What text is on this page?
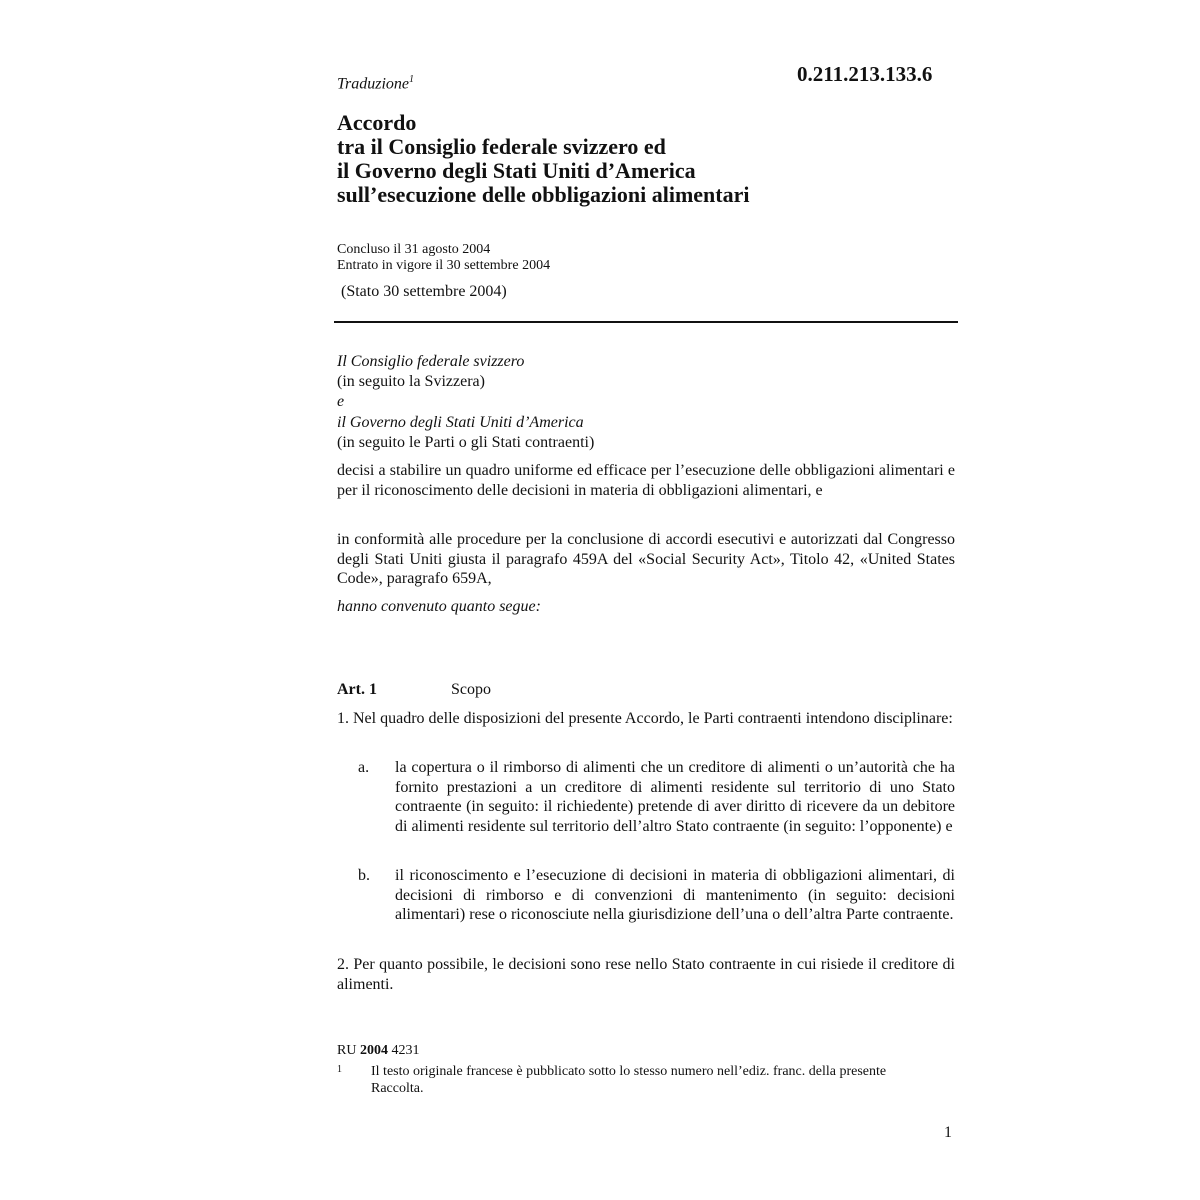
Traduzione$^1$	0.211.213.133.6
Accordo
tra il Consiglio federale svizzero ed
il Governo degli Stati Uniti d’America
sull’esecuzione delle obbligazioni alimentari
Concluso il 31 agosto 2004
Entrato in vigore il 30 settembre 2004
(Stato 30 settembre 2004)
Il Consiglio federale svizzero
(in seguito la Svizzera)
e
il Governo degli Stati Uniti d’America
(in seguito le Parti o gli Stati contraenti)
decisi a stabilire un quadro uniforme ed efficace per l’esecuzione delle obbligazioni alimentari e per il riconoscimento delle decisioni in materia di obbligazioni alimentari, e
in conformità alle procedure per la conclusione di accordi esecutivi e autorizzati dal Congresso degli Stati Uniti giusta il paragrafo 459A del «Social Security Act», Titolo 42, «United States Code», paragrafo 659A,
hanno convenuto quanto segue:
Art. 1	Scopo
1. Nel quadro delle disposizioni del presente Accordo, le Parti contraenti intendono disciplinare:
a. la copertura o il rimborso di alimenti che un creditore di alimenti o un’autorità che ha fornito prestazioni a un creditore di alimenti residente sul territorio di uno Stato contraente (in seguito: il richiedente) pretende di aver diritto di ricevere da un debitore di alimenti residente sul territorio dell’altro Stato contraente (in seguito: l’opponente) e
b. il riconoscimento e l’esecuzione di decisioni in materia di obbligazioni alimentari, di decisioni di rimborso e di convenzioni di mantenimento (in seguito: decisioni alimentari) rese o riconosciute nella giurisdizione dell’una o dell’altra Parte contraente.
2. Per quanto possibile, le decisioni sono rese nello Stato contraente in cui risiede il creditore di alimenti.
RU 2004 4231
1 Il testo originale francese è pubblicato sotto lo stesso numero nell’ediz. franc. della presente Raccolta.
1
